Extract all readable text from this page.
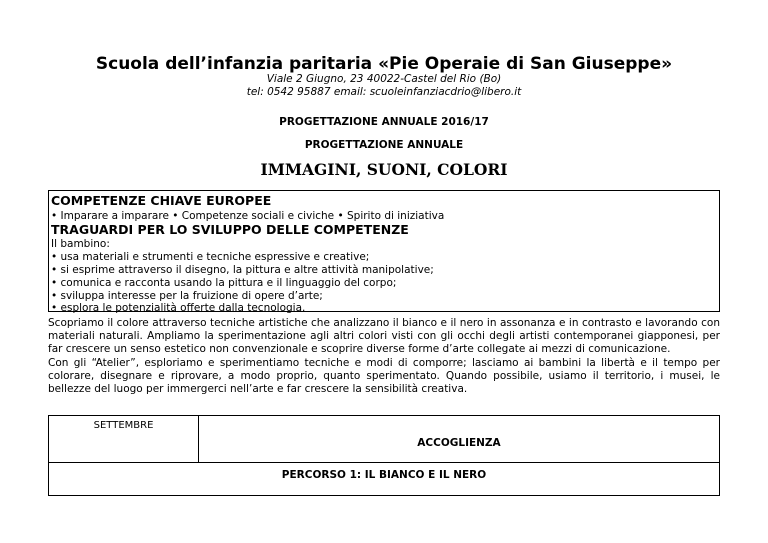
Scuola dell’infanzia paritaria «Pie Operaie di San Giuseppe»
Viale 2 Giugno, 23 40022-Castel del Rio (Bo)
tel: 0542 95887 email: scuoleinfanziacdrio@libero.it
PROGETTAZIONE ANNUALE 2016/17
PROGETTAZIONE ANNUALE
IMMAGINI, SUONI, COLORI
COMPETENZE CHIAVE EUROPEE
• Imparare a imparare • Competenze sociali e civiche • Spirito di iniziativa
TRAGUARDI PER LO SVILUPPO DELLE COMPETENZE
Il bambino:
• usa materiali e strumenti e tecniche espressive e creative;
• si esprime attraverso il disegno, la pittura e altre attività manipolative;
• comunica e racconta usando la pittura e il linguaggio del corpo;
• sviluppa interesse per la fruizione di opere d’arte;
• esplora le potenzialità offerte dalla tecnologia.

Scopriamo il colore attraverso tecniche artistiche che analizzano il bianco e il nero in assonanza e in contrasto e lavorando con materiali naturali. Ampliamo la sperimentazione agli altri colori visti con gli occhi degli artisti contemporanei giapponesi, per far crescere un senso estetico non convenzionale e scoprire diverse forme d’arte collegate ai mezzi di comunicazione.

Con gli “Atelier”, esploriamo e sperimentiamo tecniche e modi di comporre; lasciamo ai bambini la libertà e il tempo per colorare, disegnare e riprovare, a modo proprio, quanto sperimentato. Quando possibile, usiamo il territorio, i musei, le bellezze del luogo per immergerci nell’arte e far crescere la sensibilità creativa.

SETTEMBRE	ACCOGLIENZA
PERCORSO 1: IL BIANCO E IL NERO
